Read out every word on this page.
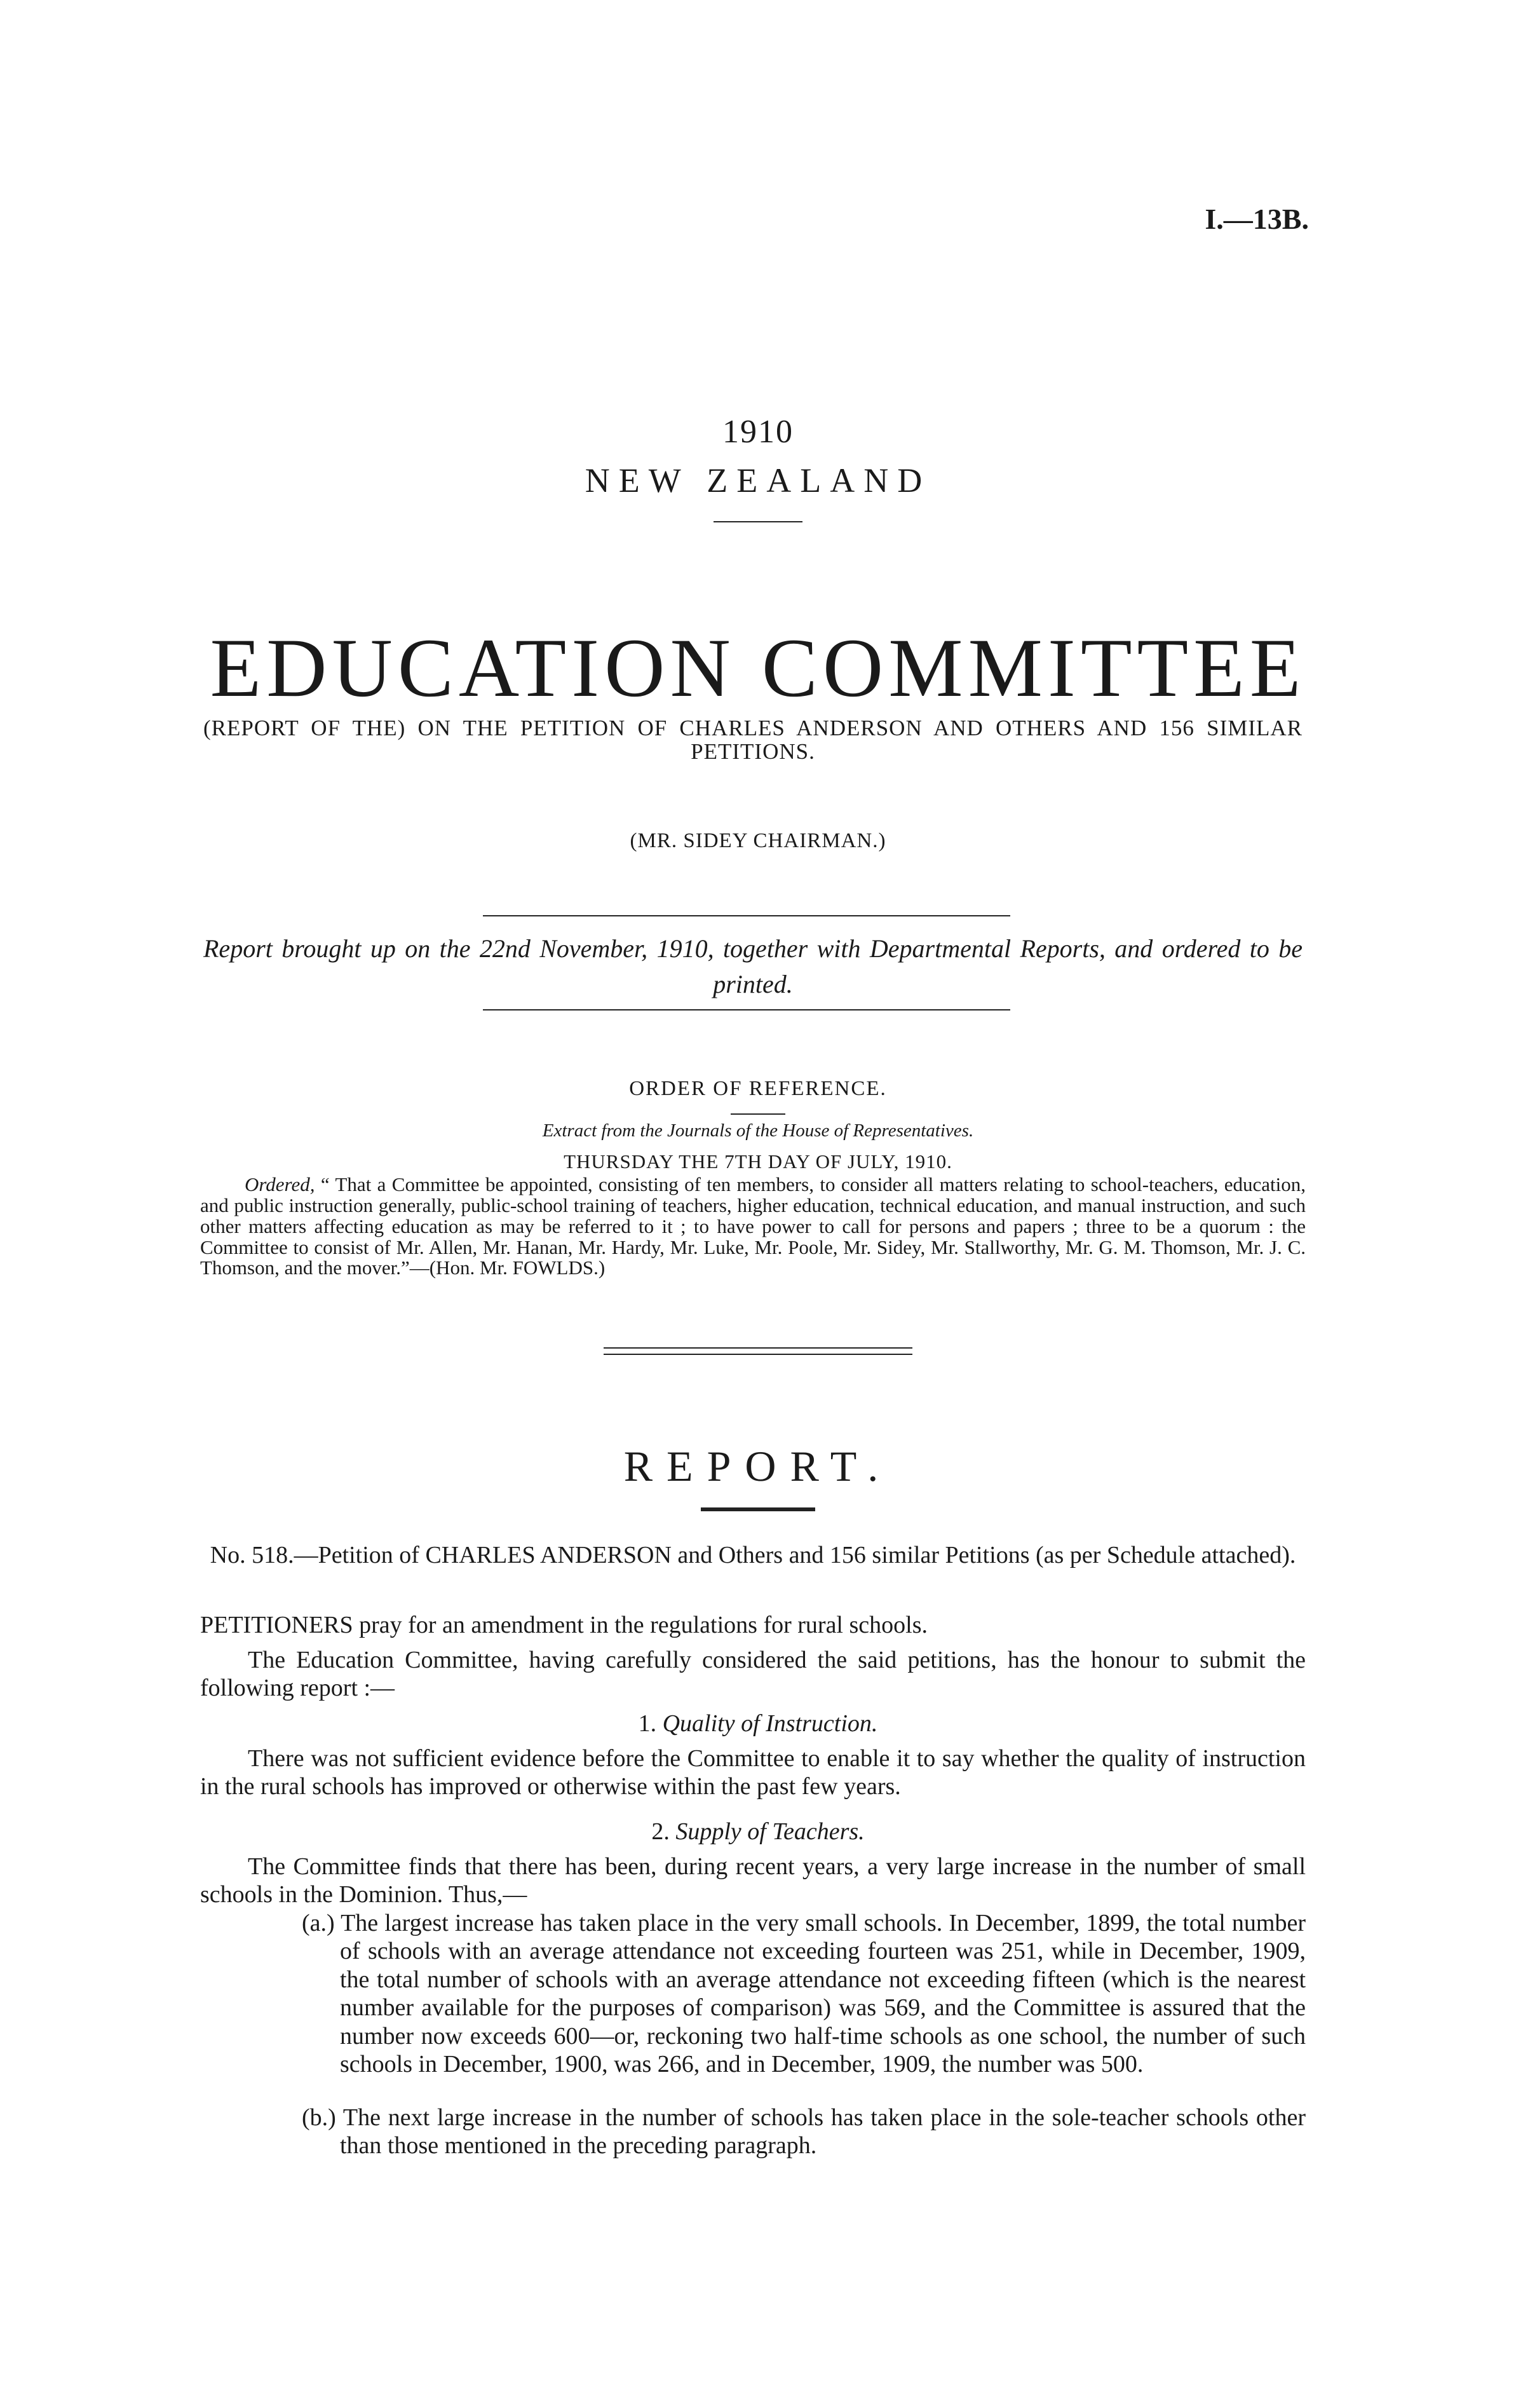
I.—13B.
1910
NEW ZEALAND
EDUCATION COMMITTEE
(REPORT OF THE) ON THE PETITION OF CHARLES ANDERSON AND OTHERS AND 156 SIMILAR PETITIONS.
(MR. SIDEY CHAIRMAN.)
Report brought up on the 22nd November, 1910, together with Departmental Reports, and ordered to be printed.
ORDER OF REFERENCE.
Extract from the Journals of the House of Representatives.
THURSDAY THE 7TH DAY OF JULY, 1910.
Ordered, “ That a Committee be appointed, consisting of ten members, to consider all matters relating to school-teachers, education, and public instruction generally, public-school training of teachers, higher education, technical education, and manual instruction, and such other matters affecting education as may be referred to it ; to have power to call for persons and papers ; three to be a quorum : the Committee to consist of Mr. Allen, Mr. Hanan, Mr. Hardy, Mr. Luke, Mr. Poole, Mr. Sidey, Mr. Stallworthy, Mr. G. M. Thomson, Mr. J. C. Thomson, and the mover.”—(Hon. Mr. FOWLDS.)
REPORT.
No. 518.—Petition of CHARLES ANDERSON and Others and 156 similar Petitions (as per Schedule attached).
PETITIONERS pray for an amendment in the regulations for rural schools.
The Education Committee, having carefully considered the said petitions, has the honour to submit the following report :—
1. Quality of Instruction.
There was not sufficient evidence before the Committee to enable it to say whether the quality of instruction in the rural schools has improved or otherwise within the past few years.
2. Supply of Teachers.
The Committee finds that there has been, during recent years, a very large increase in the number of small schools in the Dominion. Thus,—
(a.) The largest increase has taken place in the very small schools. In December, 1899, the total number of schools with an average attendance not exceeding fourteen was 251, while in December, 1909, the total number of schools with an average attendance not exceeding fifteen (which is the nearest number available for the purposes of comparison) was 569, and the Committee is assured that the number now exceeds 600—or, reckoning two half-time schools as one school, the number of such schools in December, 1900, was 266, and in December, 1909, the number was 500.
(b.) The next large increase in the number of schools has taken place in the sole-teacher schools other than those mentioned in the preceding paragraph.
